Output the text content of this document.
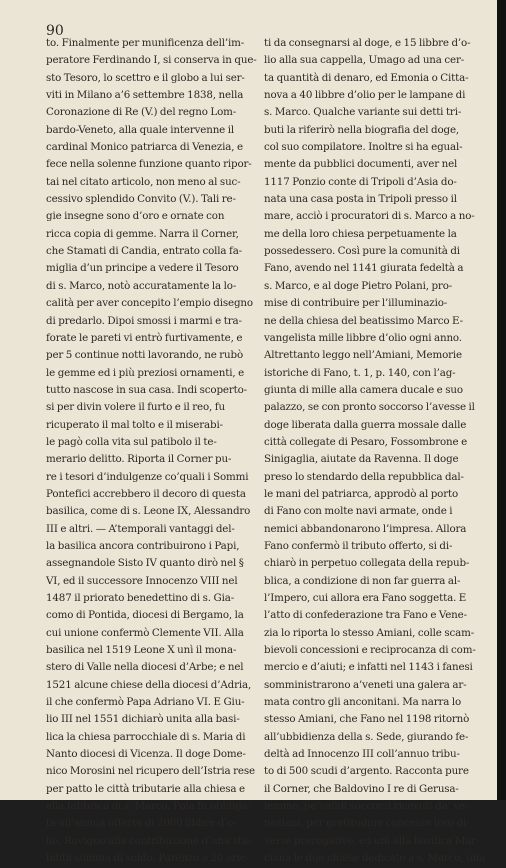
90
to. Finalmente per munificenza dell’im-
peratore Ferdinando I, si conserva in que-
sto Tesoro, lo scettro e il globo a lui ser-
viti in Milano a’6 settembre 1838, nella
Coronazione di Re (V.) del regno Lom-
bardo-Veneto, alla quale intervenne il
cardinal Monico patriarca di Venezia, e
fece nella solenne funzione quanto ripor-
tai nel citato articolo, non meno al suc-
cessivo splendido Convito (V.). Tali re-
gie insegne sono d’oro e ornate con
ricca copia di gemme. Narra il Corner,
che Stamati di Candia, entrato colla fa-
miglia d’un principe a vedere il Tesoro
di s. Marco, notò accuratamente la lo-
calità per aver concepito l’empio disegno
di predarlo. Dipoi smossi i marmi e tra-
forate le pareti vi entrò furtivamente, e
per 5 continue notti lavorando, ne rubò
le gemme ed i più preziosi ornamenti, e
tutto nascose in sua casa. Indi scoperto-
si per divin volere il furto e il reo, fu
ricuperato il mal tolto e il miserabi-
le pagò colla vita sul patibolo il te-
merario delitto. Riporta il Corner pu-
re i tesori d’indulgenze co’quali i Sommi
Pontefici accrebbero il decoro di questa
basilica, come di s. Leone IX, Alessandro
III e altri. — A’temporali vantaggi del-
la basilica ancora contribuirono i Papi,
assegnandole Sisto IV quanto dirò nel §
VI, ed il successore Innocenzo VIII nel
1487 il priorato benedettino di s. Gia-
como di Pontida, diocesi di Bergamo, la
cui unione confermò Clemente VII. Alla
basilica nel 1519 Leone X unì il mona-
stero di Valle nella diocesi d’Arbe; e nel
1521 alcune chiese della diocesi d’Adria,
il che confermò Papa Adriano VI. E Giu-
lio III nel 1551 dichiarò unita alla basi-
lica la chiesa parrocchiale di s. Maria di
Nanto diocesi di Vicenza. Il doge Dome-
nico Morosini nel ricupero dell’Istria rese
per patto le città tributarie alla chiesa e
alla fabbrica di s. Marco. Pola fu obbliga-
ta all’annua offerta di 2000 libbre d’o-
lio, Rovigno alla contribuzione d’una sta-
bilita somma di soldo, Parenzo a 20 arie-
ti da consegnarsi al doge, e 15 libbre d’o-
lio alla sua cappella, Umago ad una cer-
ta quantità di denaro, ed Emonia o Citta-
nova a 40 libbre d’olio per le lampane di
s. Marco. Qualche variante sui detti tri-
buti la riferirò nella biografia del doge,
col suo compilatore. Inoltre si ha egual-
mente da pubblici documenti, aver nel
1117 Ponzio conte di Tripoli d’Asia do-
nata una casa posta in Tripoli presso il
mare, acciò i procuratori di s. Marco a no-
me della loro chiesa perpetuamente la
possedessero. Così pure la comunità di
Fano, avendo nel 1141 giurata fedeltà a
s. Marco, e al doge Pietro Polani, pro-
mise di contribuire per l’illuminazio-
ne della chiesa del beatissimo Marco E-
vangelista mille libbre d’olio ogni anno.
Altrettanto leggo nell’Amiani, Memorie
istoriche di Fano, t. 1, p. 140, con l’ag-
giunta di mille alla camera ducale e suo
palazzo, se con pronto soccorso l’avesse il
doge liberata dalla guerra mossale dalle
città collegate di Pesaro, Fossombrone e
Sinigaglia, aiutate da Ravenna. Il doge
preso lo stendardo della repubblica dal-
le mani del patriarca, approdò al porto
di Fano con molte navi armate, onde i
nemici abbandonarono l’impresa. Allora
Fano confermò il tributo offerto, si di-
chiarò in perpetuo collegata della repub-
blica, a condizione di non far guerra al-
l’Impero, cui allora era Fano soggetta. E
l’atto di confederazione tra Fano e Vene-
zia lo riporta lo stesso Amiani, colle scam-
bievoli concessioni e reciprocanza di com-
mercio e d’aiuti; e infatti nel 1143 i fanesi
somministrarono a’veneti una galera ar-
mata contro gli anconitani. Ma narra lo
stesso Amiani, che Fano nel 1198 ritornò
all’ubbidienza della s. Sede, giurando fe-
deltà ad Innocenzo III coll’annuo tribu-
to di 500 scudi d’argento. Racconta pure
il Corner, che Baldovino I re di Gerusa-
lemme, pe’validi soccorsi ricevuti da’ ve-
neziani, per gratitudine concesse loro di-
verse prerogative, ed unì alla basilica Mar-
ciana le due chiese dedicate a s. Marco, una
